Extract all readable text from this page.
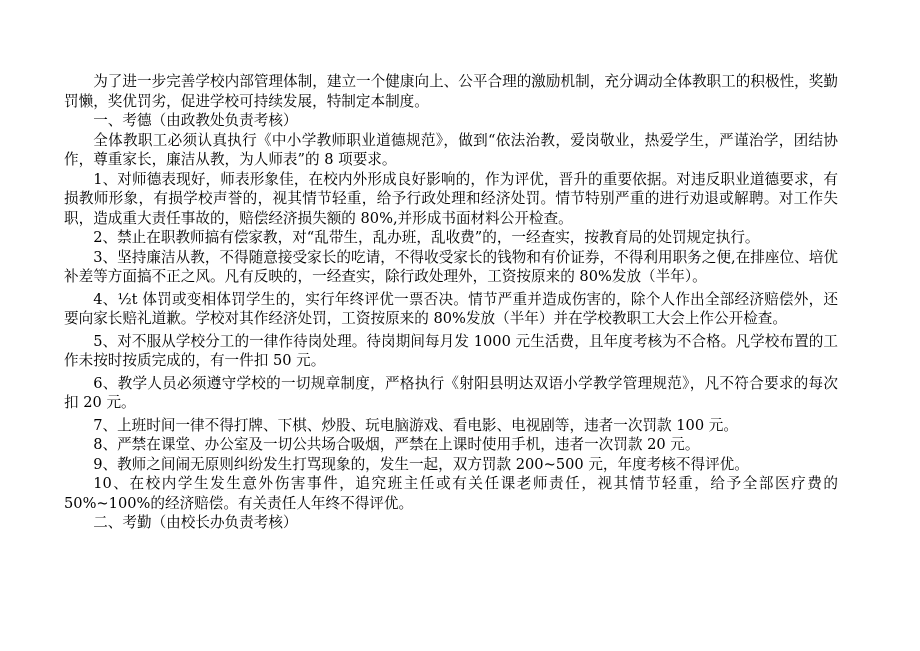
为了进一步完善学校内部管理体制，建立一个健康向上、公平合理的激励机制，充分调动全体教职工的积极性，奖勤罚懒，奖优罚劣，促进学校可持续发展，特制定本制度。

一、考德（由政教处负责考核）

全体教职工必须认真执行《中小学教师职业道德规范》，做到“依法治教，爱岗敬业，热爱学生，严谨治学，团结协作，尊重家长，廉洁从教，为人师表”的 8 项要求。

1、对师德表现好，师表形象佳，在校内外形成良好影响的，作为评优，晋升的重要依据。对违反职业道德要求，有损教师形象，有损学校声誉的，视其情节轻重，给予行政处理和经济处罚。情节特别严重的进行劝退或解聘。对工作失职，造成重大责任事故的，赔偿经济损失额的 80%,并形成书面材料公开检查。

2、禁止在职教师搞有偿家教，对“乱带生，乱办班，乱收费”的，一经查实，按教育局的处罚规定执行。

3、坚持廉洁从教，不得随意接受家长的吃请，不得收受家长的钱物和有价证券，不得利用职务之便,在排座位、培优补差等方面搞不正之风。凡有反映的，一经查实，除行政处理外，工资按原来的 80%发放（半年）。

4、½t 体罚或变相体罚学生的，实行年终评优一票否决。情节严重并造成伤害的，除个人作出全部经济赔偿外，还要向家长赔礼道歉。学校对其作经济处罚，工资按原来的 80%发放（半年）并在学校教职工大会上作公开检查。

5、对不服从学校分工的一律作待岗处理。待岗期间每月发 1000 元生活费，且年度考核为不合格。凡学校布置的工作未按时按质完成的，有一件扣 50 元。

6、教学人员必须遵守学校的一切规章制度，严格执行《射阳县明达双语小学教学管理规范》，凡不符合要求的每次扣 20 元。

7、上班时间一律不得打牌、下棋、炒股、玩电脑游戏、看电影、电视剧等，违者一次罚款 100 元。

8、严禁在课堂、办公室及一切公共场合吸烟，严禁在上课时使用手机，违者一次罚款 20 元。

9、教师之间闹无原则纠纷发生打骂现象的，发生一起，双方罚款 200~500 元，年度考核不得评优。

10、在校内学生发生意外伤害事件，追究班主任或有关任课老师责任，视其情节轻重，给予全部医疗费的 50%~100%的经济赔偿。有关责任人年终不得评优。

二、考勤（由校长办负责考核）
